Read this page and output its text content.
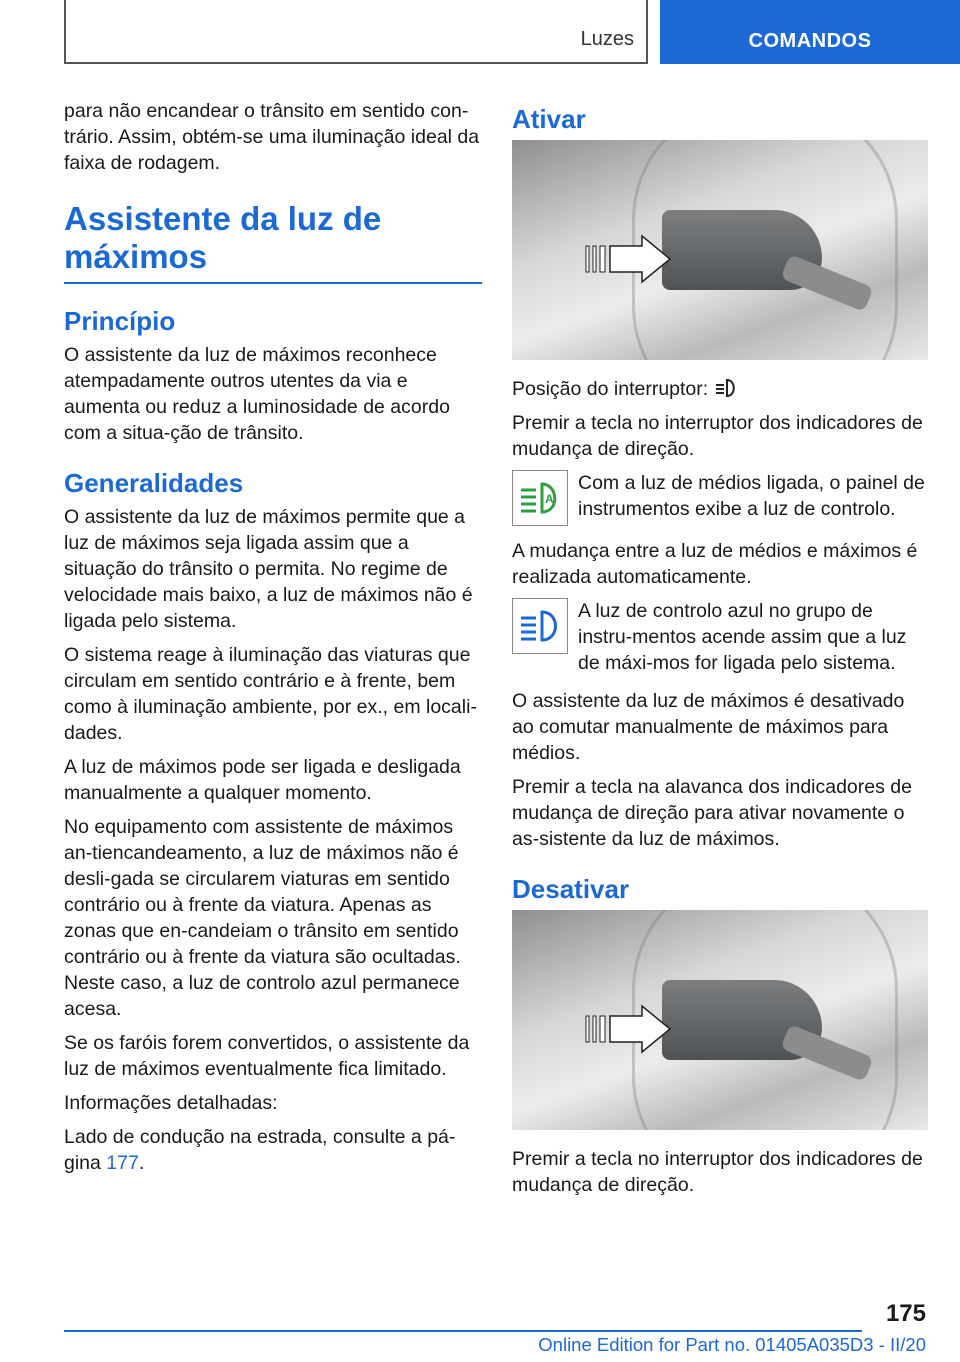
Luzes	COMANDOS

para não encandear o trânsito em sentido con-trário. Assim, obtém-se uma iluminação ideal da faixa de rodagem.

Assistente da luz de máximos
Princípio

O assistente da luz de máximos reconhece atempadamente outros utentes da via e aumenta ou reduz a luminosidade de acordo com a situa-ção de trânsito.

Generalidades

O assistente da luz de máximos permite que a luz de máximos seja ligada assim que a situação do trânsito o permita. No regime de velocidade mais baixo, a luz de máximos não é ligada pelo sistema.

O sistema reage à iluminação das viaturas que circulam em sentido contrário e à frente, bem como à iluminação ambiente, por ex., em locali-dades.

A luz de máximos pode ser ligada e desligada manualmente a qualquer momento.

No equipamento com assistente de máximos an-tiencandeamento, a luz de máximos não é desli-gada se circularem viaturas em sentido contrário ou à frente da viatura. Apenas as zonas que en-candeiam o trânsito em sentido contrário ou à frente da viatura são ocultadas. Neste caso, a luz de controlo azul permanece acesa.

Se os faróis forem convertidos, o assistente da luz de máximos eventualmente fica limitado.

Informações detalhadas:

Lado de condução na estrada, consulte a pá-gina 177.

Ativar

Posição do interruptor:

Premir a tecla no interruptor dos indicadores de mudança de direção.

A
Com a luz de médios ligada, o painel de instrumentos exibe a luz de controlo.

A mudança entre a luz de médios e máximos é realizada automaticamente.

A luz de controlo azul no grupo de instru-mentos acende assim que a luz de máxi-mos for ligada pelo sistema.

O assistente da luz de máximos é desativado ao comutar manualmente de máximos para médios.

Premir a tecla na alavanca dos indicadores de mudança de direção para ativar novamente o as-sistente da luz de máximos.

Desativar

Premir a tecla no interruptor dos indicadores de mudança de direção.

175
Online Edition for Part no. 01405A035D3 - II/20
